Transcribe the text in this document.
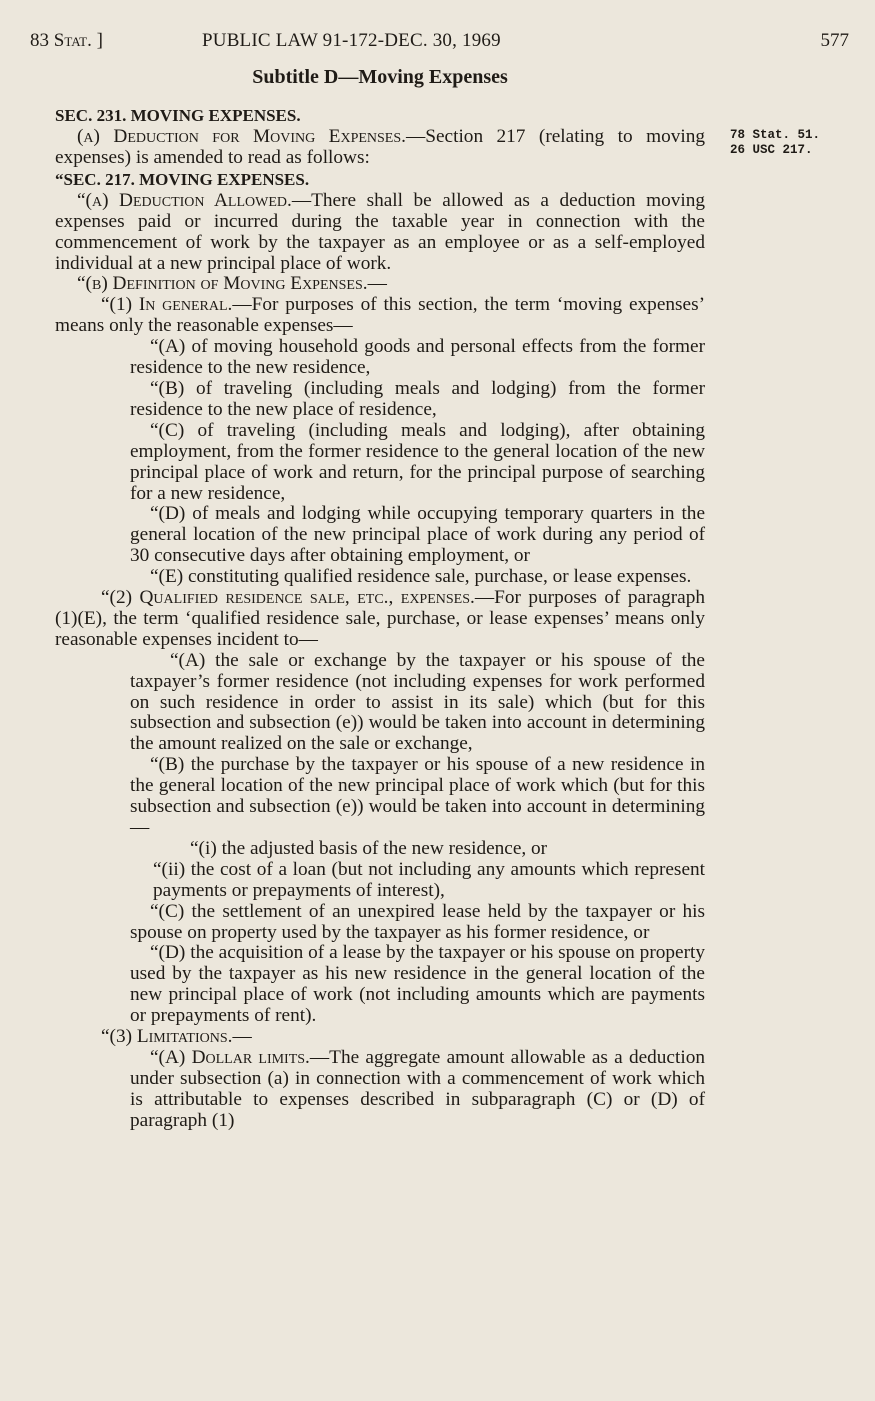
83 Stat. ]	PUBLIC LAW 91-172-DEC. 30, 1969	577
Subtitle D—Moving Expenses

78 Stat. 51.

26 USC 217.

SEC. 231. MOVING EXPENSES.

(a) Deduction for Moving Expenses.—Section 217 (relating to moving expenses) is amended to read as follows:

“SEC. 217. MOVING EXPENSES.

“(a) Deduction Allowed.—There shall be allowed as a deduction moving expenses paid or incurred during the taxable year in connection with the commencement of work by the taxpayer as an employee or as a self-employed individual at a new principal place of work.

“(b) Definition of Moving Expenses.—

“(1) In general.—For purposes of this section, the term ‘moving expenses’ means only the reasonable expenses—

“(A) of moving household goods and personal effects from the former residence to the new residence,

“(B) of traveling (including meals and lodging) from the former residence to the new place of residence,

“(C) of traveling (including meals and lodging), after obtaining employment, from the former residence to the general location of the new principal place of work and return, for the principal purpose of searching for a new residence,

“(D) of meals and lodging while occupying temporary quarters in the general location of the new principal place of work during any period of 30 consecutive days after obtaining employment, or

“(E) constituting qualified residence sale, purchase, or lease expenses.

“(2) Qualified residence sale, etc., expenses.—For purposes of paragraph (1)(E), the term ‘qualified residence sale, purchase, or lease expenses’ means only reasonable expenses incident to—

“(A) the sale or exchange by the taxpayer or his spouse of the taxpayer’s former residence (not including expenses for work performed on such residence in order to assist in its sale) which (but for this subsection and subsection (e)) would be taken into account in determining the amount realized on the sale or exchange,

“(B) the purchase by the taxpayer or his spouse of a new residence in the general location of the new principal place of work which (but for this subsection and subsection (e)) would be taken into account in determining—

“(i) the adjusted basis of the new residence, or

“(ii) the cost of a loan (but not including any amounts which represent payments or prepayments of interest),

“(C) the settlement of an unexpired lease held by the taxpayer or his spouse on property used by the taxpayer as his former residence, or

“(D) the acquisition of a lease by the taxpayer or his spouse on property used by the taxpayer as his new residence in the general location of the new principal place of work (not including amounts which are payments or prepayments of rent).

“(3) Limitations.—

“(A) Dollar limits.—The aggregate amount allowable as a deduction under subsection (a) in connection with a commencement of work which is attributable to expenses described in subparagraph (C) or (D) of paragraph (1)
